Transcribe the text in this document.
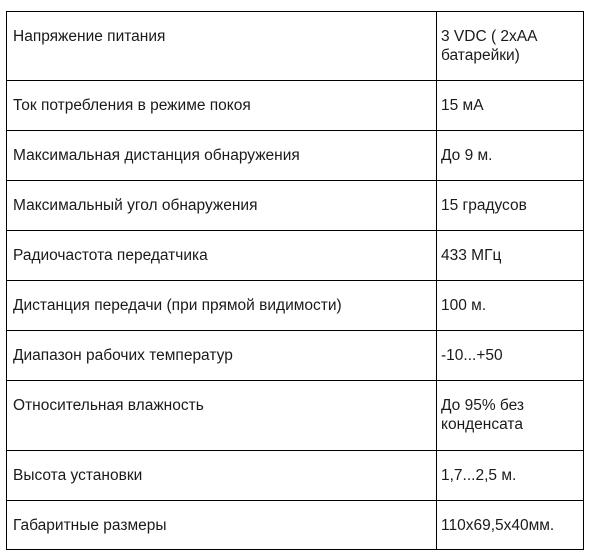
Напряжение питания	3 VDC ( 2xAA
батарейки)

Ток потребления в режиме покоя	15 мА

Максимальная дистанция обнаружения	До 9 м.

Максимальный угол обнаружения	15 градусов

Радиочастота передатчика	433 МГц

Дистанция передачи (при прямой видимости)	100 м.

Диапазон рабочих температур	-10...+50

Относительная влажность	До 95% без
конденсата

Высота установки	1,7...2,5 м.

Габаритные размеры	110х69,5х40мм.
